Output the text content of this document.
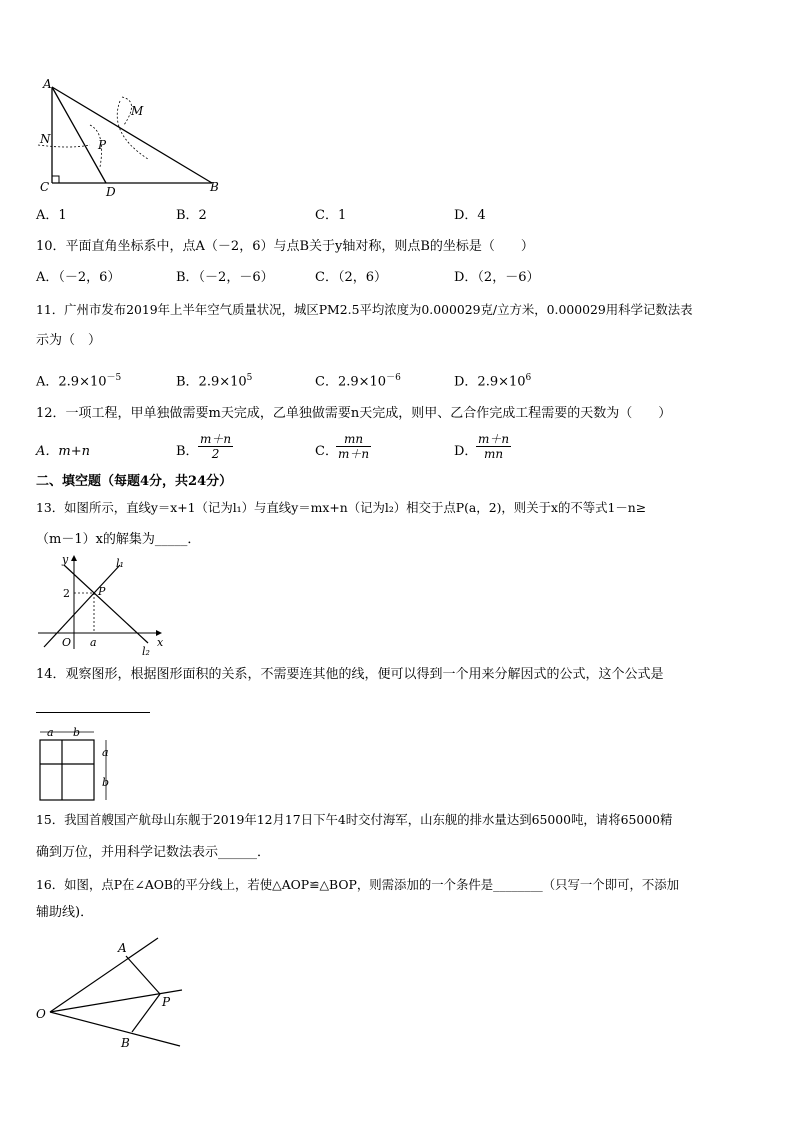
A
M
N	P
C	D	B
A．1	B．2	C．1	D．4
10．平面直角坐标系中，点A（－2，6）与点B关于y轴对称，则点B的坐标是（　　）
A．（－2，6）	B．（－2，－6）	C．（2，6）	D．（2，－6）
11．广州市发布2019年上半年空气质量状况，城区PM2.5平均浓度为0.000029克/立方米，0.000029用科学记数法表
示为（　）
A．$2.9\times 10^{-5}$	B．$2.9\times 10^5$	C．$2.9\times 10^{-6}$	D．$2.9\times 10^6$
12．一项工程，甲单独做需要m天完成，乙单独做需要n天完成，则甲、乙合作完成工程需要的天数为（　　）
A．m+n	B． $\frac{m+n}{2}$	C．
$\frac{mn}{m+n}$	D．
$\frac{m+n}{mn}$
二、填空题（每题4分，共24分）
13．如图所示，直线y＝x+1（记为l₁）与直线y＝mx+n（记为l₂）相交于点P(a，2)，则关于x的不等式1－n≥
（m－1）x的解集为_____．
y	l₁
2	P
O a
l₂
x
14．观察图形，根据图形面积的关系，不需要连其他的线，便可以得到一个用来分解因式的公式，这个公式是
a b
a
b
15．我国首艘国产航母山东舰于2019年12月17日下午4时交付海军，山东舰的排水量达到65000吨，请将65000精
确到万位，并用科学记数法表示______．
16．如图，点P在∠AOB的平分线上，若使△AOP≌△BOP，则需添加的一个条件是________（只写一个即可，不添加
辅助线)．
A
O
P
B
